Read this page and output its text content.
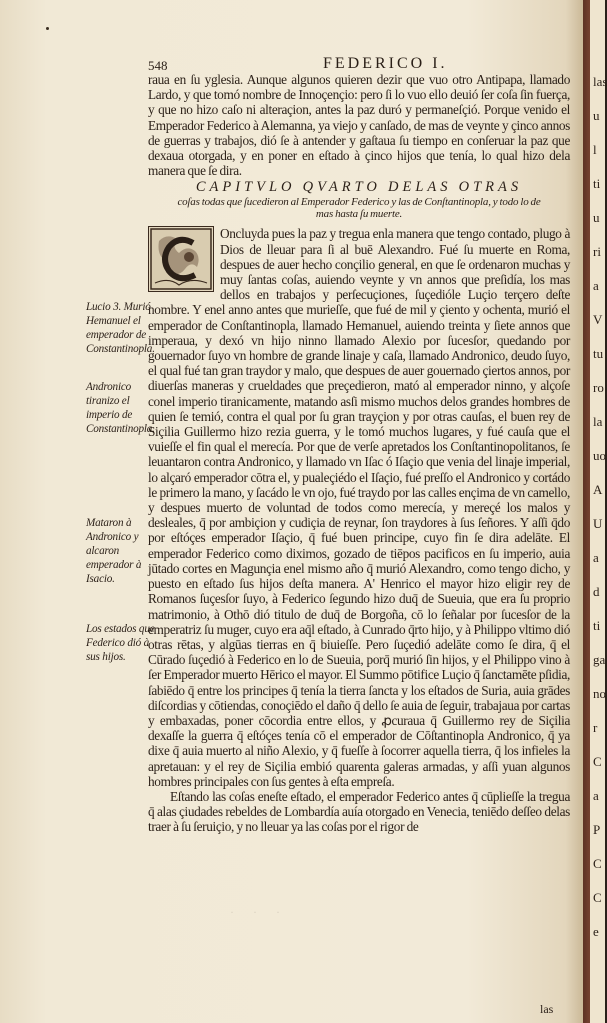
548	FEDERICO I.

raua en ſu yglesia. Aunque algunos quieren dezir que vuo otro Antipapa, llamado Lardo, y que tomó nombre de Innoçençio: pero ſi lo vuo ello deuió ſer coſa ſin fuerça, y que no hizo caſo ni alteraçion, antes la paz duró y permaneſçió. Porque venido el Emperador Federico à Alemanna, ya viejo y canſado, de mas de veynte y çinco annos de guerras y trabajos, dió ſe à antender y gaſtaua ſu tiempo en conſeruar la paz que dexaua otorgada, y en poner en eſtado à çinco hijos que tenía, lo qual hizo dela manera que ſe dira.

CAPITVLO QVARTO DELAS OTRAS
coſas todas que ſucedieron al Emperador Federico y las de Conſtantinopla, y todo lo de mas hasta ſu muerte.

Oncluyda pues la paz y tregua enla manera que tengo contado, plugo à Dios de lleuar para ſi al buē Alexandro. Fué ſu muerte en Roma, despues de auer hecho conçilio general, en que ſe ordenaron muchas y muy ſantas coſas, auiendo veynte y vn annos que preſidía, los mas dellos en trabajos y perſecuçiones, ſuçedióle Luçio terçero deſte nombre. Y enel anno antes que murieſſe, que fué de mil y çiento y ochenta, murió el emperador de Conſtantinopla, llamado Hemanuel, auiendo treinta y ſiete annos que imperaua, y dexó vn hijo ninno llamado Alexio por ſucesſor, quedando por gouernador ſuyo vn hombre de grande linaje y caſa, llamado Andronico, deudo ſuyo, el qual fué tan gran traydor y malo, que despues de auer gouernado çiertos annos, por diuerſas maneras y crueldades que preçedieron, mató al emperador ninno, y alçoſe conel imperio tiranicamente, matando asſi mismo muchos delos grandes hombres de quien ſe temió, contra el qual por ſu gran trayçion y por otras cauſas, el buen rey de Siçilia Guillermo hizo rezia guerra, y le tomó muchos lugares, y fué cauſa que el vuieſſe el fin qual el merecía. Por que de verſe apretados los Conſtantinopolitanos, ſe leuantaron contra Andronico, y llamado vn Iſac ó Iſaçio que venia del linaje imperial, lo alçaró emperador cōtra el, y pualeçiédo el Iſaçio, fué preſſo el Andronico y cortádo le primero la mano, y ſacádo le vn ojo, fué traydo por las calles ençima de vn camello, y despues muerto de voluntad de todos como merecía, y mereçé los malos y desleales, q̄ por ambiçion y cudiçia de reynar, ſon traydores à ſus ſeñores. Y aſſi q̄do por eſtóçes emperador Iſaçio, q̄ fué buen principe, cuyo fin ſe dira adelāte. El emperador Federico como diximos, gozado de tiēpos pacificos en ſu imperio, auia jūtado cortes en Magunçia enel mismo año q̄ murió Alexandro, como tengo dicho, y puesto en eſtado ſus hijos deſta manera. A' Henrico el mayor hizo eligir rey de Romanos ſuçesſor ſuyo, à Federico ſegundo hizo duq̄ de Sueuia, que era ſu proprio matrimonio, à Othō dió titulo de duq̄ de Borgoña, cō lo ſeñalar por ſucesſor de la emperatriz ſu muger, cuyo era aq̄l eſtado, à Cunrado q̄rto hijo, y à Philippo vltimo dió otras rētas, y algūas tierras en q̄ biuieſſe. Pero ſuçedió adelāte como ſe dira, q̄ el Cūrado ſuçedió à Federico en lo de Sueuia, porq̄ murió ſin hijos, y el Philippo vino à ſer Emperador muerto Hērico el mayor. El Summo pōtifice Luçio q̄ ſanctamēte pſidia, ſabiēdo q̄ entre los principes q̄ tenía la tierra ſancta y los eſtados de Suria, auia grādes diſcordias y cōtiendas, conoçiēdo el daño q̄ dello ſe auia de ſeguir, trabajaua por cartas y embaxadas, poner cōcordia entre ellos, y ꝓcuraua q̄ Guillermo rey de Siçilia dexaſſe la guerra q̄ eſtóçes tenía cō el emperador de Cōſtantinopla Andronico, q̄ ya dixe q̄ auia muerto al niño Alexio, y q̄ fueſſe à ſocorrer aquella tierra, q̄ los infieles la apretauan: y el rey de Siçilia embió quarenta galeras armadas, y aſſi yuan algunos hombres principales con ſus gentes à eſta empreſa.

Eſtando las coſas eneſte eſtado, el emperador Federico antes q̄ cūplieſſe la tregua q̄ alas çiudades rebeldes de Lombardía auía otorgado en Venecia, teniēdo deſſeo delas traer à ſu ſeruiçio, y no lleuar ya las coſas por el rigor de

Lucio 3. Murió Hemanuel el emperador de Constantinopla.
Andronico tiranizo el imperio de Constantinopla.
Mataron à Andronico y alcaron emperador à Isacio.
Los estados que Federico dió à sus hijos.
· · ·
las
las
u
l
ti
u
ri
a
V
tu
ro
la
uo
A
U
a
d
ti
ga
no
r
C
a
P
C
C
e
